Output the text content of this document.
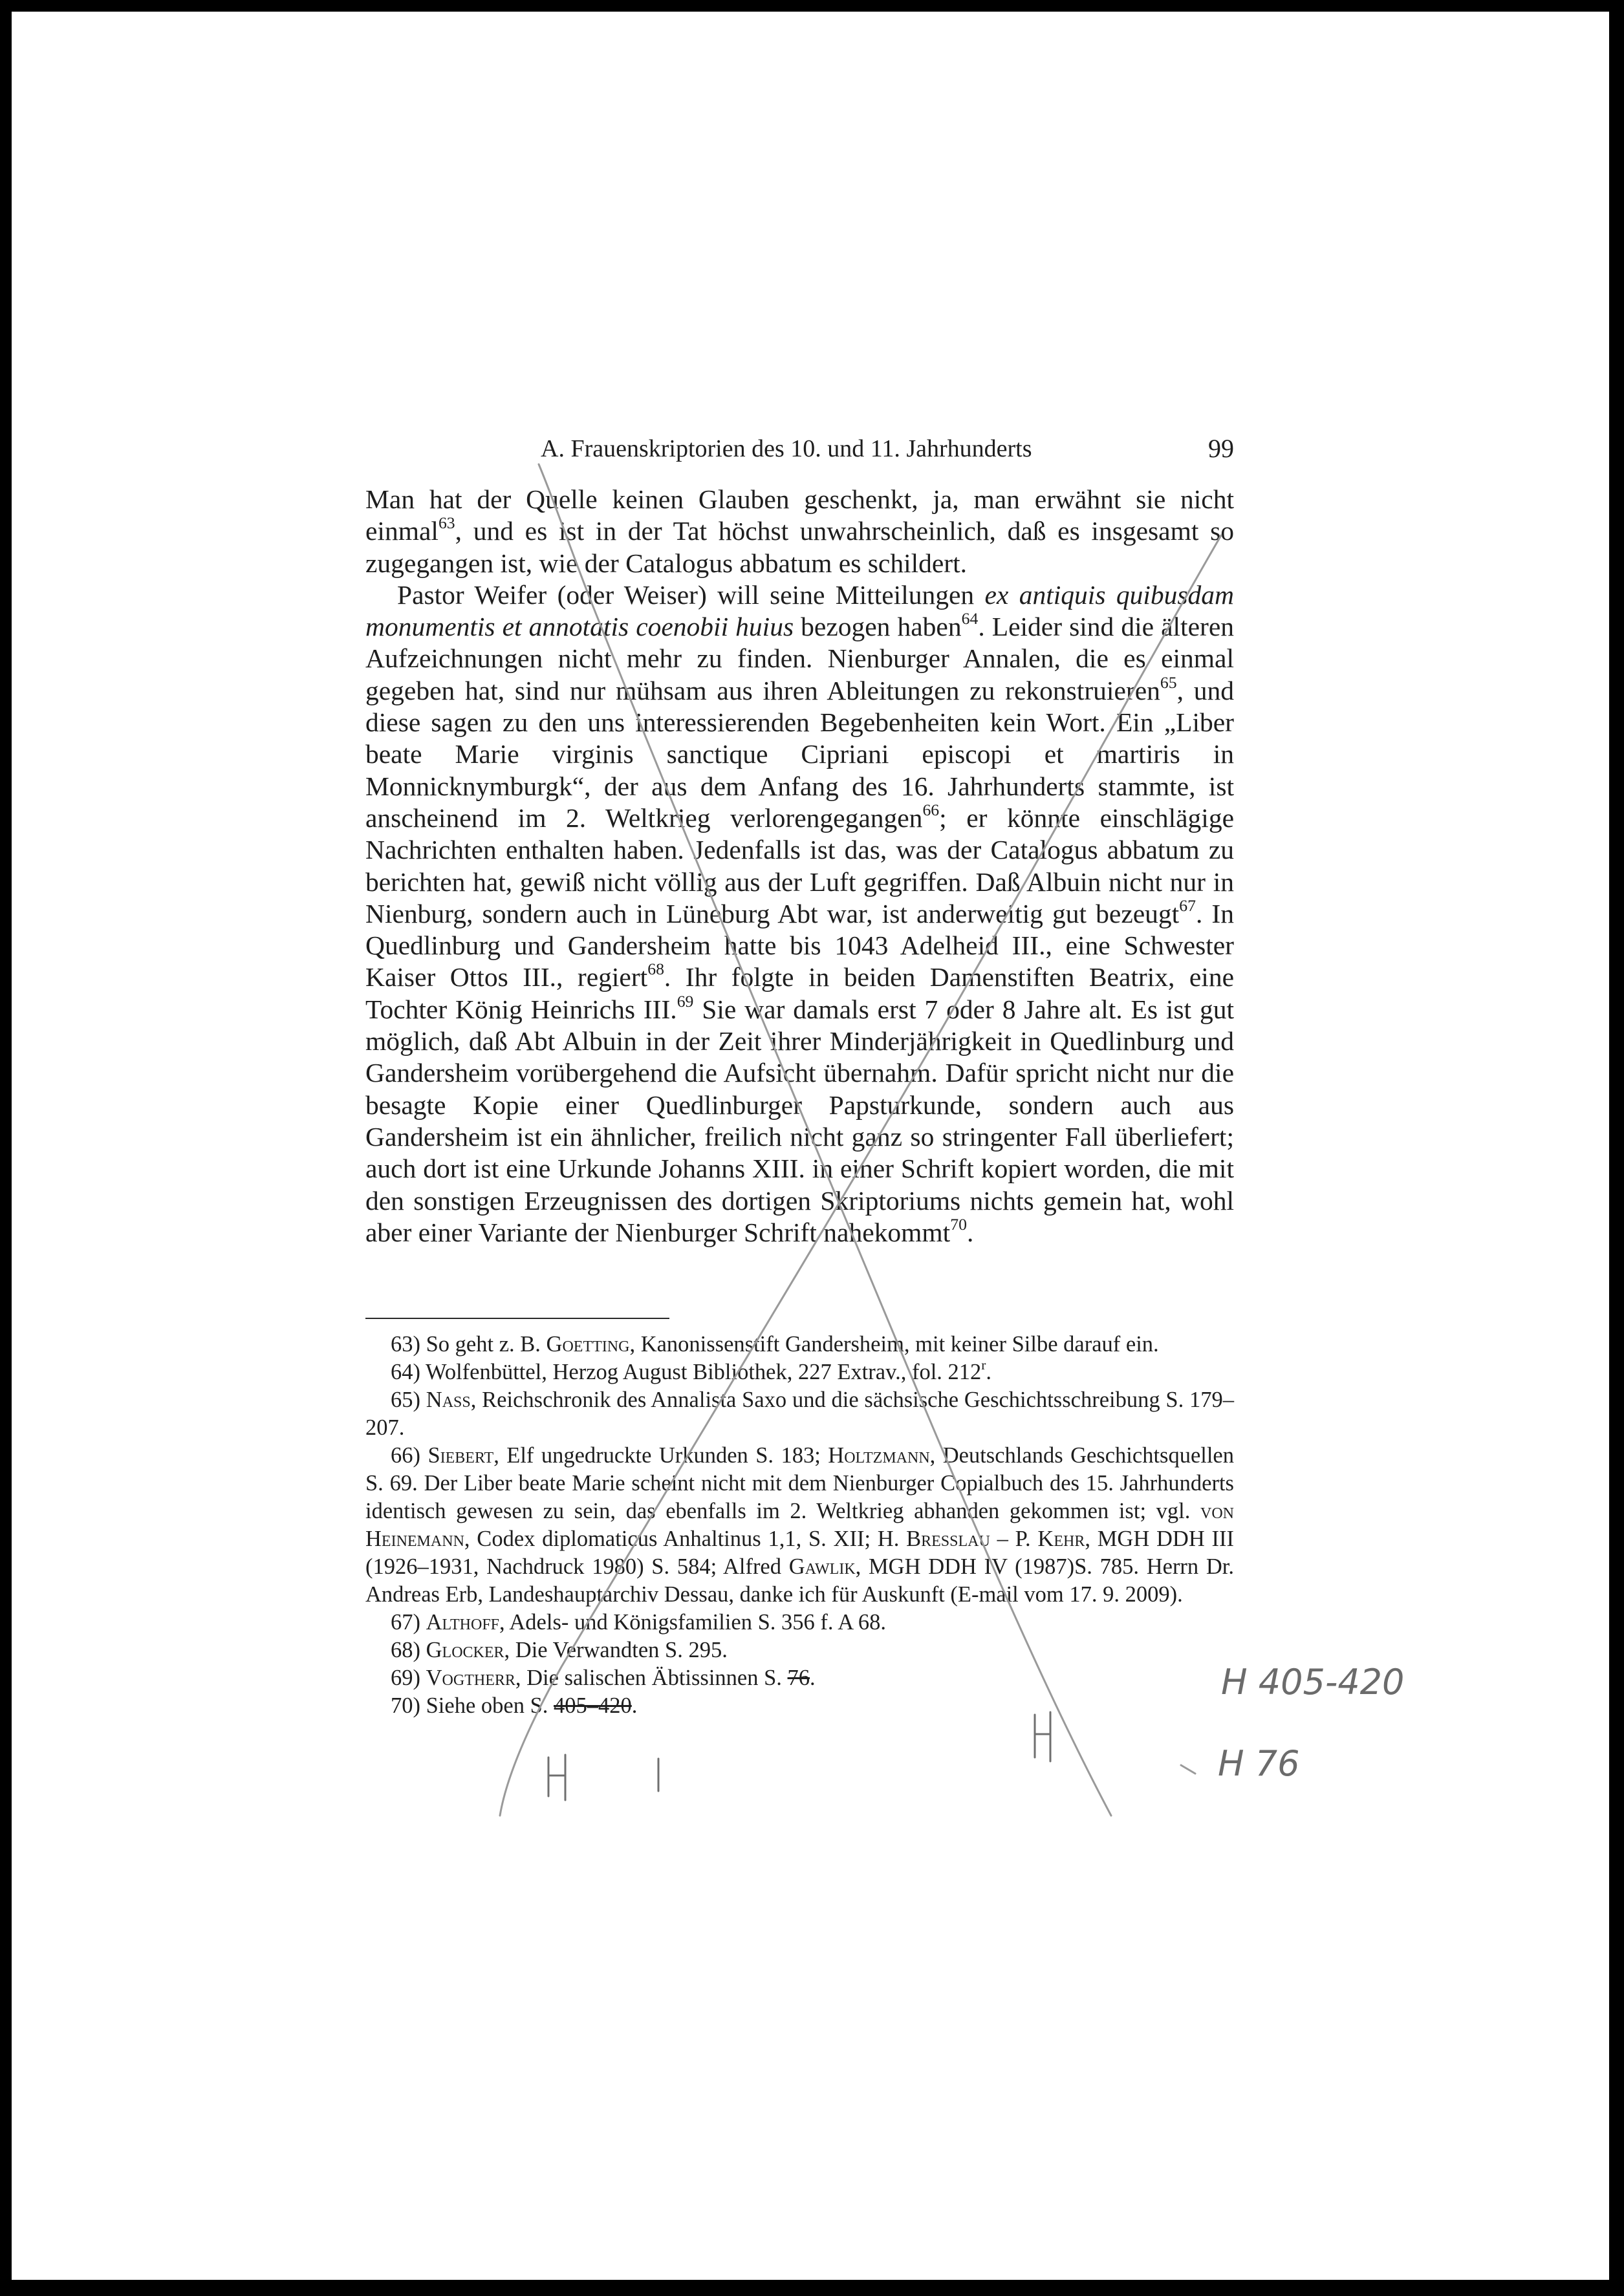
A. Frauenskriptorien des 10. und 11. Jahrhunderts	99

Man hat der Quelle keinen Glauben geschenkt, ja, man erwähnt sie nicht einmal$^{63}$, und es ist in der Tat höchst unwahrscheinlich, daß es insgesamt so zugegangen ist, wie der Catalogus abbatum es schildert.

Pastor Weifer (oder Weiser) will seine Mitteilungen ex antiquis quibusdam monumentis et annotatis coenobii huius bezogen haben$^{64}$. Leider sind die älteren Aufzeichnungen nicht mehr zu finden. Nienburger Annalen, die es einmal gegeben hat, sind nur mühsam aus ihren Ableitungen zu rekonstruieren$^{65}$, und diese sagen zu den uns interessierenden Begebenheiten kein Wort. Ein „Liber beate Marie virginis sanctique Cipriani episcopi et martiris in Monnicknymburgk“, der aus dem Anfang des 16. Jahrhunderts stammte, ist anscheinend im 2. Weltkrieg verlorengegangen$^{66}$; er könnte einschlägige Nachrichten enthalten haben. Jedenfalls ist das, was der Catalogus abbatum zu berichten hat, gewiß nicht völlig aus der Luft gegriffen. Daß Albuin nicht nur in Nienburg, sondern auch in Lüneburg Abt war, ist anderweitig gut bezeugt$^{67}$. In Quedlinburg und Gandersheim hatte bis 1043 Adelheid III., eine Schwester Kaiser Ottos III., regiert$^{68}$. Ihr folgte in beiden Damenstiften Beatrix, eine Tochter König Heinrichs III.$^{69}$ Sie war damals erst 7 oder 8 Jahre alt. Es ist gut möglich, daß Abt Albuin in der Zeit ihrer Minderjährigkeit in Quedlinburg und Gandersheim vorübergehend die Aufsicht übernahm. Dafür spricht nicht nur die besagte Kopie einer Quedlinburger Papsturkunde, sondern auch aus Gandersheim ist ein ähnlicher, freilich nicht ganz so stringenter Fall überliefert; auch dort ist eine Urkunde Johanns XIII. in einer Schrift kopiert worden, die mit den sonstigen Erzeugnissen des dortigen Skriptoriums nichts gemein hat, wohl aber einer Variante der Nienburger Schrift nahekommt$^{70}$.

63) So geht z. B. Goetting, Kanonissenstift Gandersheim, mit keiner Silbe darauf ein.

64) Wolfenbüttel, Herzog August Bibliothek, 227 Extrav., fol. 212$^r$.

65) Nass, Reichschronik des Annalista Saxo und die sächsische Geschichtsschreibung S. 179–207.

66) Siebert, Elf ungedruckte Urkunden S. 183; Holtzmann, Deutschlands Geschichtsquellen S. 69. Der Liber beate Marie scheint nicht mit dem Nienburger Copialbuch des 15. Jahrhunderts identisch gewesen zu sein, das ebenfalls im 2. Weltkrieg abhanden gekommen ist; vgl. von Heinemann, Codex diplomaticus Anhaltinus 1,1, S. XII; H. Bresslau – P. Kehr, MGH DDH III (1926–1931, Nachdruck 1980) S. 584; Alfred Gawlik, MGH DDH IV (1987)S. 785. Herrn Dr. Andreas Erb, Landeshauptarchiv Dessau, danke ich für Auskunft (E-mail vom 17. 9. 2009).

67) Althoff, Adels- und Königsfamilien S. 356 f. A 68.

68) Glocker, Die Verwandten S. 295.

69) Vogtherr, Die salischen Äbtissinnen S. 76.

70) Siehe oben S. 405–420.

H 405-420
H 76
